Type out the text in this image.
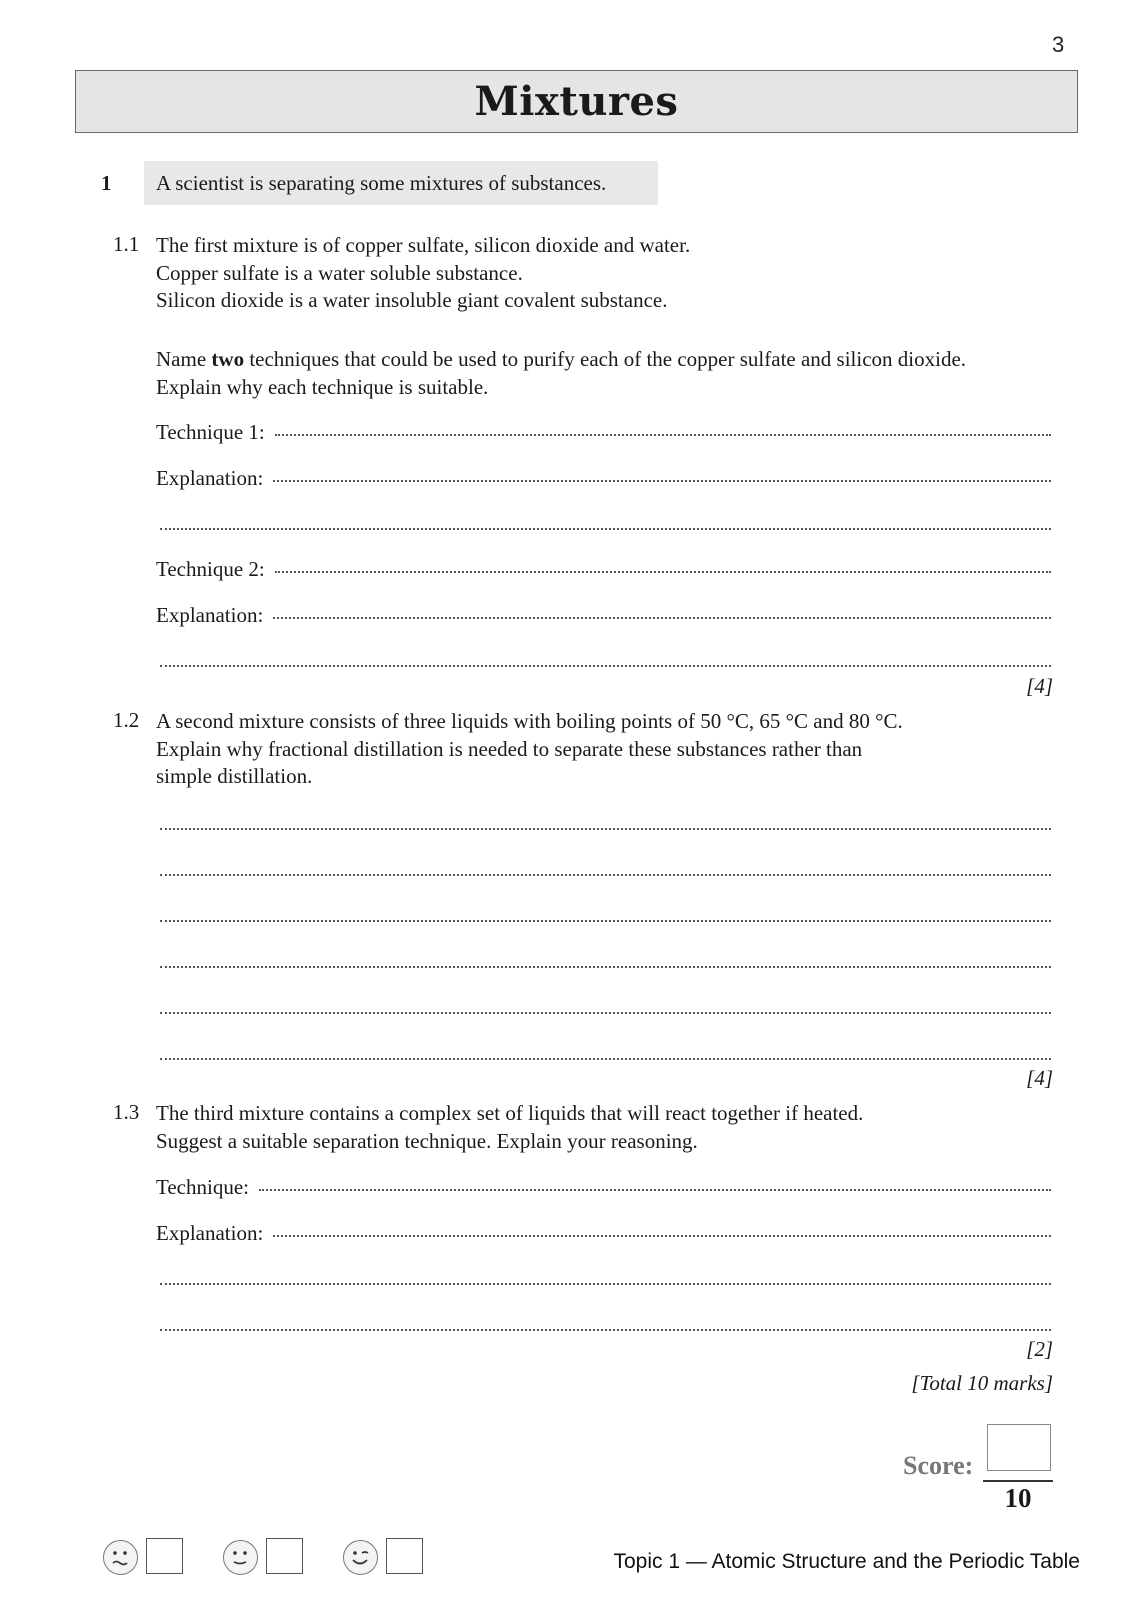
3
Mixtures
1	A scientist is separating some mixtures of substances.
1.1 The first mixture is of copper sulfate, silicon dioxide and water.
Copper sulfate is a water soluble substance.
Silicon dioxide is a water insoluble giant covalent substance.
Name two techniques that could be used to purify each of the copper sulfate and silicon dioxide.
Explain why each technique is suitable.
Technique 1:
Explanation:
Technique 2:
Explanation:
[4]
1.2 A second mixture consists of three liquids with boiling points of 50 °C, 65 °C and 80 °C.
Explain why fractional distillation is needed to separate these substances rather than
simple distillation.
[4]
1.3 The third mixture contains a complex set of liquids that will react together if heated.
Suggest a suitable separation technique. Explain your reasoning.
Technique:
Explanation:
[2]
[Total 10 marks]
Score:
10
Topic 1 — Atomic Structure and the Periodic Table
